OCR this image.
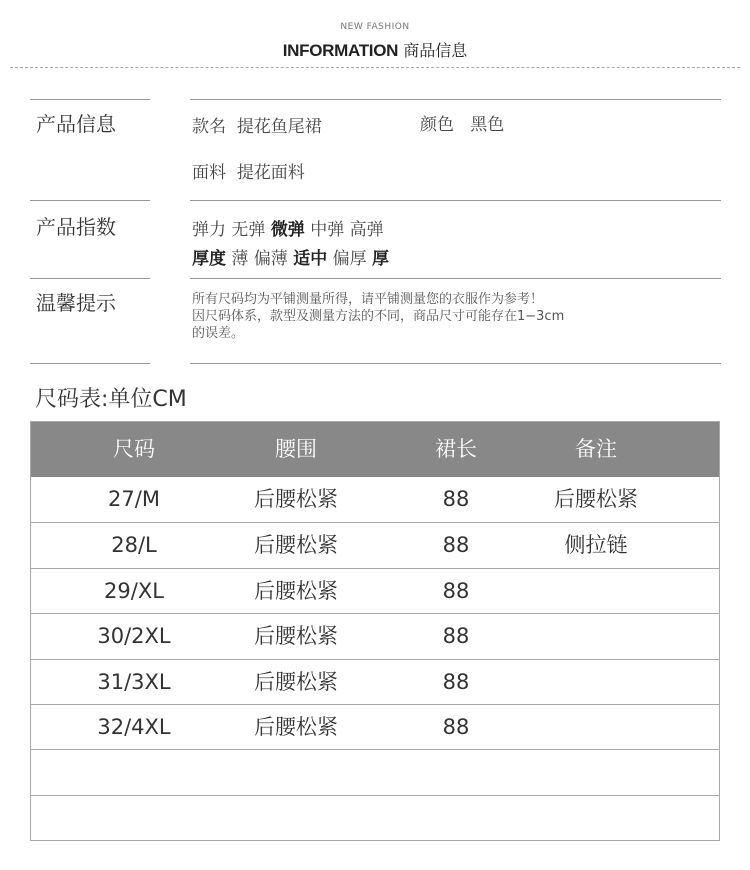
NEW FASHION
INFORMATION 商品信息
产品信息	款名 提花鱼尾裙	颜色 黑色
面料 提花面料
产品指数	弹力 无弹 微弹 中弹 高弹
厚度 薄 偏薄 适中 偏厚 厚
温馨提示	所有尺码均为平铺测量所得，请平铺测量您的衣服作为参考！
因尺码体系，款型及测量方法的不同，商品尺寸可能存在1−3cm
的误差。
尺码表:单位CM
尺码	腰围	裙长	备注
27/M	后腰松紧	88	后腰松紧
28/L	后腰松紧	88	侧拉链
29/XL	后腰松紧	88
30/2XL	后腰松紧	88
31/3XL	后腰松紧	88
32/4XL	后腰松紧	88
